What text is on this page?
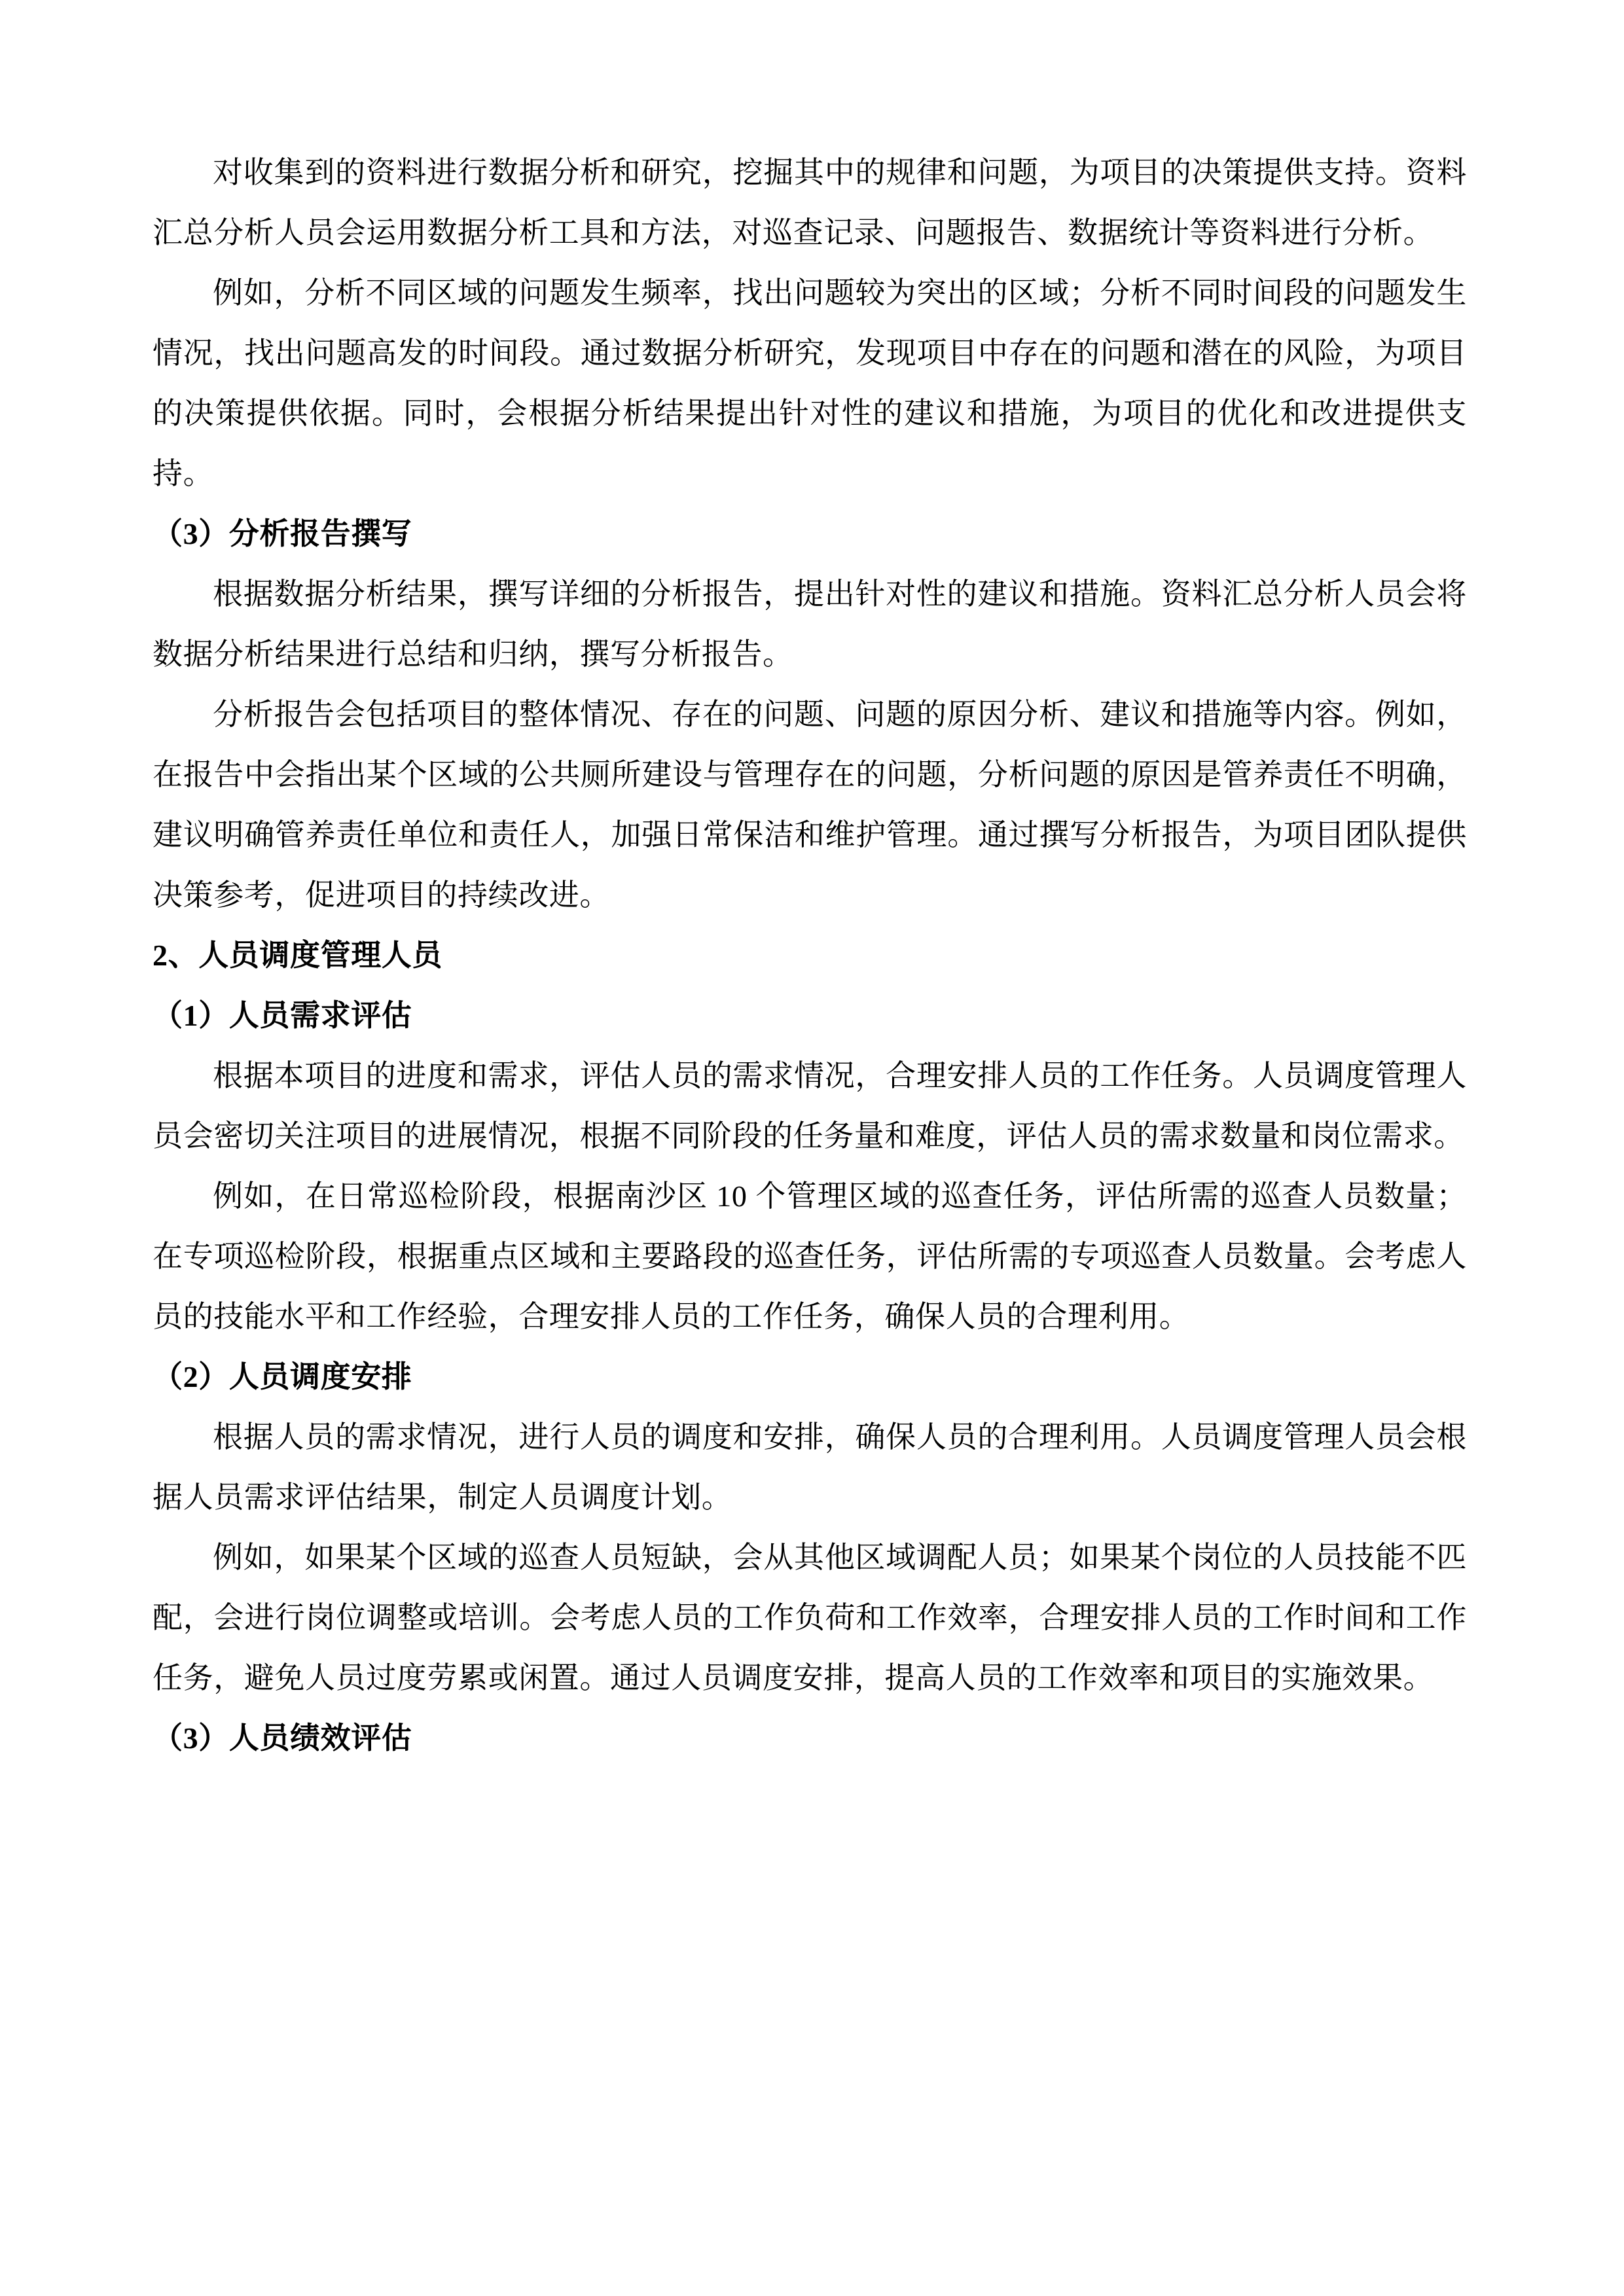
对收集到的资料进行数据分析和研究，挖掘其中的规律和问题，为项目的决策提供支持。资料汇总分析人员会运用数据分析工具和方法，对巡查记录、问题报告、数据统计等资料进行分析。

例如，分析不同区域的问题发生频率，找出问题较为突出的区域；分析不同时间段的问题发生情况，找出问题高发的时间段。通过数据分析研究，发现项目中存在的问题和潜在的风险，为项目的决策提供依据。同时，会根据分析结果提出针对性的建议和措施，为项目的优化和改进提供支持。

（3）分析报告撰写

根据数据分析结果，撰写详细的分析报告，提出针对性的建议和措施。资料汇总分析人员会将数据分析结果进行总结和归纳，撰写分析报告。

分析报告会包括项目的整体情况、存在的问题、问题的原因分析、建议和措施等内容。例如，在报告中会指出某个区域的公共厕所建设与管理存在的问题，分析问题的原因是管养责任不明确，建议明确管养责任单位和责任人，加强日常保洁和维护管理。通过撰写分析报告，为项目团队提供决策参考，促进项目的持续改进。

2、人员调度管理人员

（1）人员需求评估

根据本项目的进度和需求，评估人员的需求情况，合理安排人员的工作任务。人员调度管理人员会密切关注项目的进展情况，根据不同阶段的任务量和难度，评估人员的需求数量和岗位需求。

例如，在日常巡检阶段，根据南沙区 10 个管理区域的巡查任务，评估所需的巡查人员数量；在专项巡检阶段，根据重点区域和主要路段的巡查任务，评估所需的专项巡查人员数量。会考虑人员的技能水平和工作经验，合理安排人员的工作任务，确保人员的合理利用。

（2）人员调度安排

根据人员的需求情况，进行人员的调度和安排，确保人员的合理利用。人员调度管理人员会根据人员需求评估结果，制定人员调度计划。

例如，如果某个区域的巡查人员短缺，会从其他区域调配人员；如果某个岗位的人员技能不匹配，会进行岗位调整或培训。会考虑人员的工作负荷和工作效率，合理安排人员的工作时间和工作任务，避免人员过度劳累或闲置。通过人员调度安排，提高人员的工作效率和项目的实施效果。

（3）人员绩效评估
